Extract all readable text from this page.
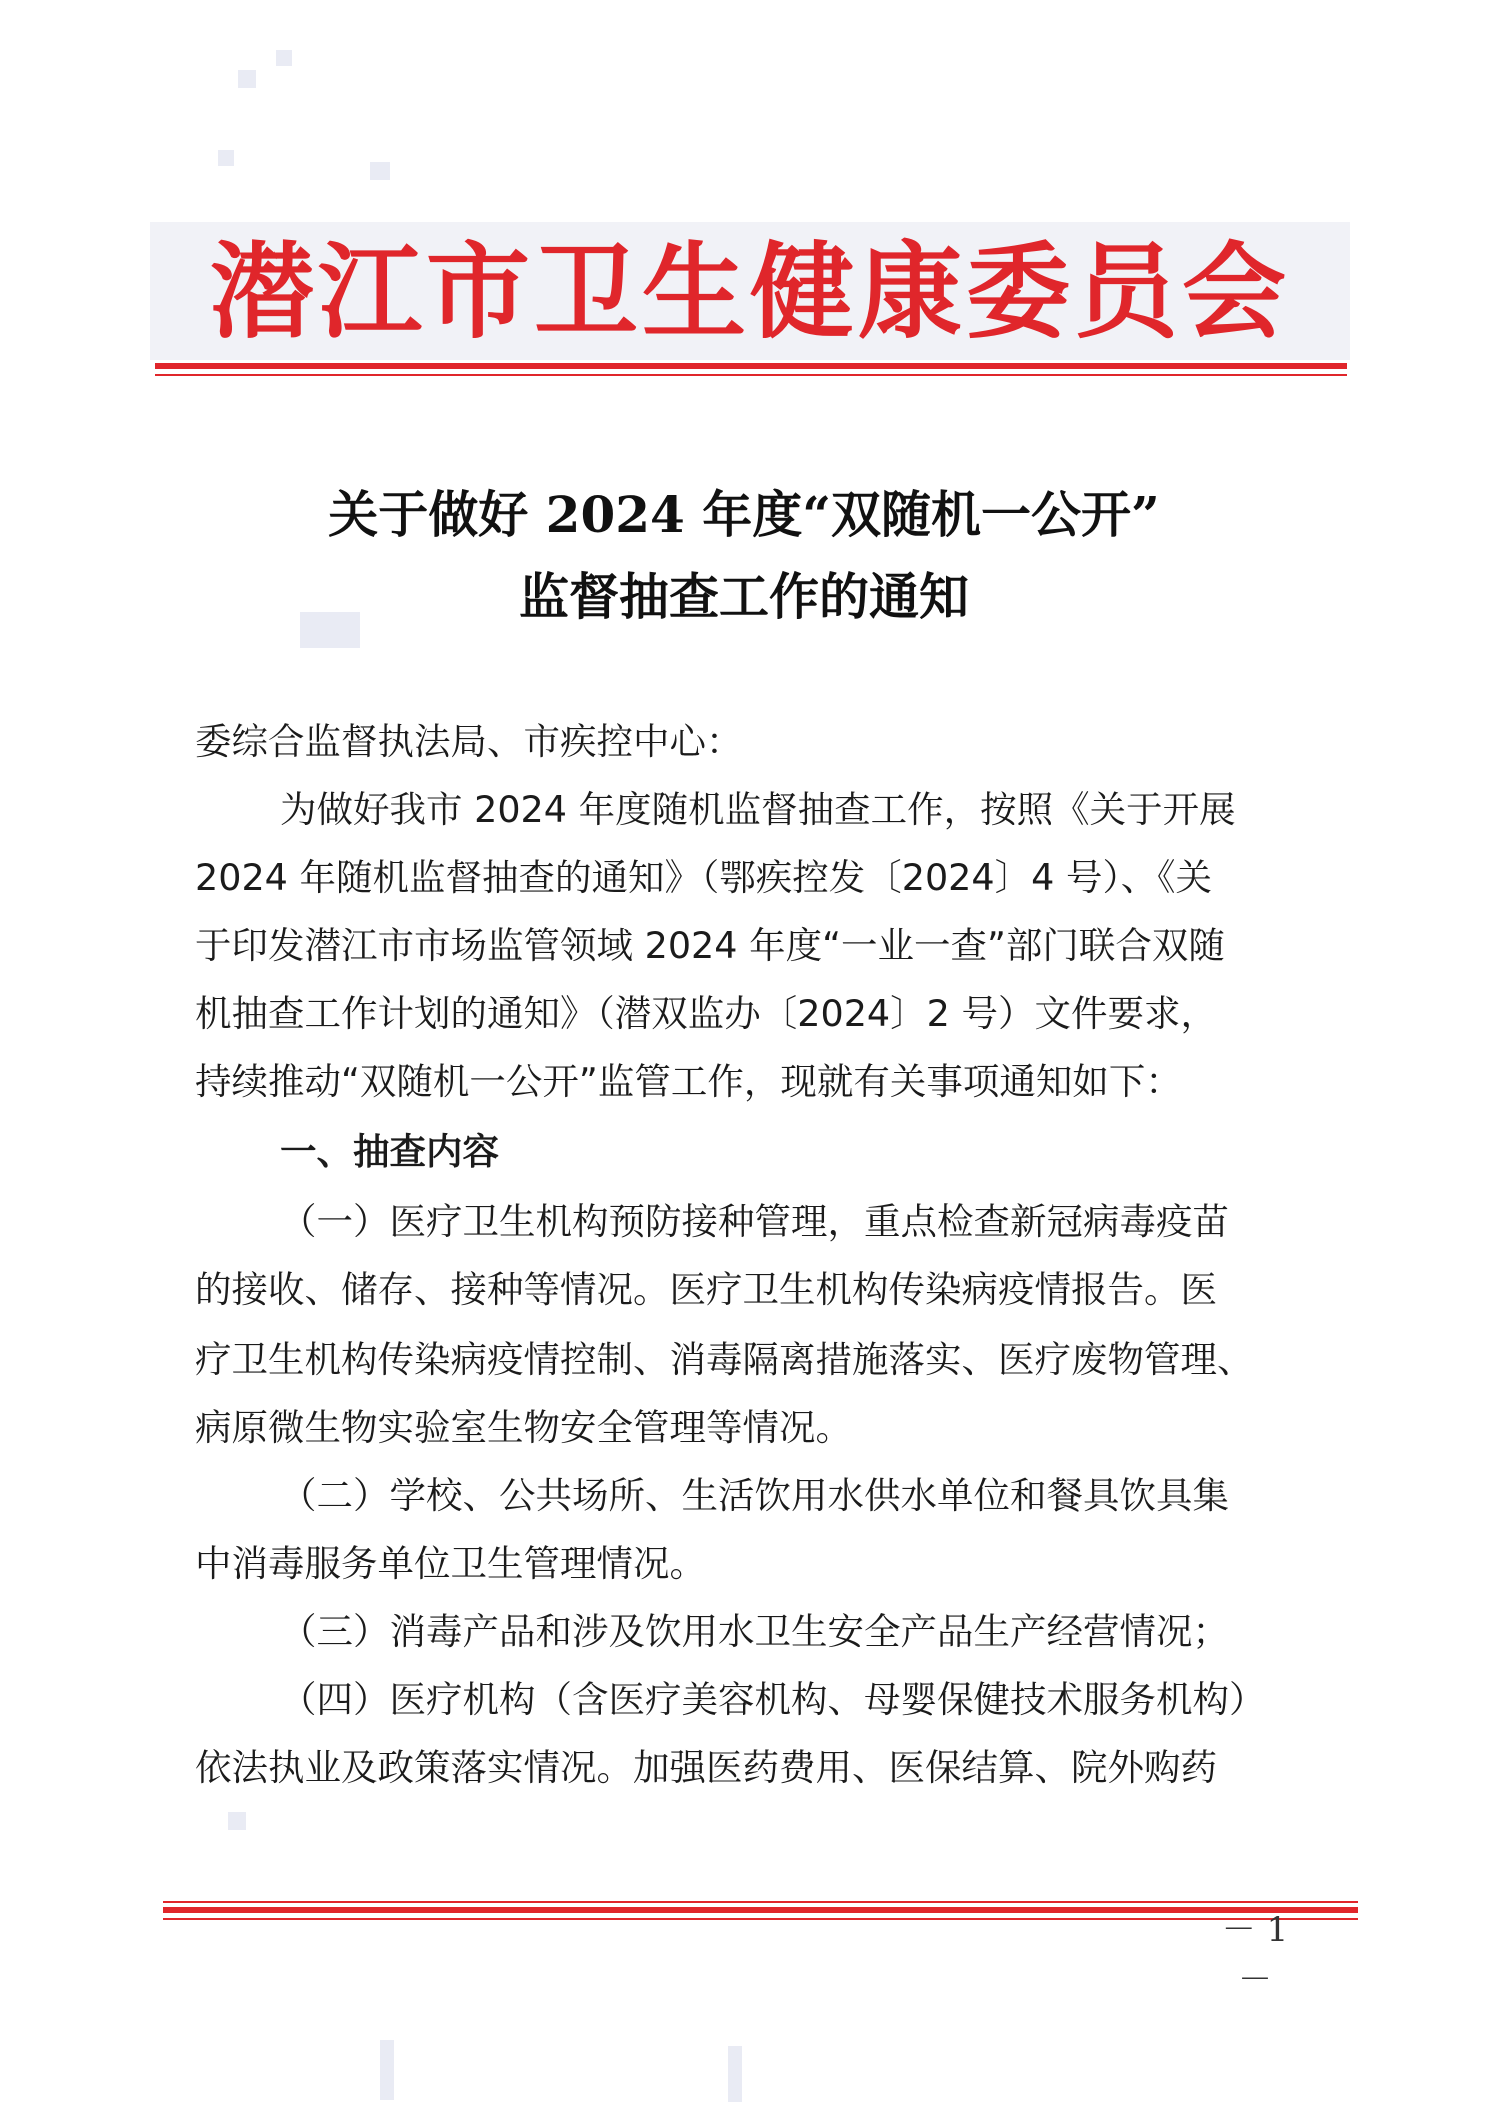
潜江市卫生健康委员会
关于做好 2024 年度“双随机一公开”
监督抽查工作的通知
委综合监督执法局、市疾控中心：
为做好我市 2024 年度随机监督抽查工作，按照《关于开展
2024 年随机监督抽查的通知》（鄂疾控发〔2024〕4 号）、《关
于印发潜江市市场监管领域 2024 年度“一业一查”部门联合双随
机抽查工作计划的通知》（潜双监办〔2024〕2 号）文件要求，
持续推动“双随机一公开”监管工作，现就有关事项通知如下：
一、抽查内容
（一）医疗卫生机构预防接种管理，重点检查新冠病毒疫苗
的接收、储存、接种等情况。医疗卫生机构传染病疫情报告。医
疗卫生机构传染病疫情控制、消毒隔离措施落实、医疗废物管理、
病原微生物实验室生物安全管理等情况。
（二）学校、公共场所、生活饮用水供水单位和餐具饮具集
中消毒服务单位卫生管理情况。
（三）消毒产品和涉及饮用水卫生安全产品生产经营情况；
（四）医疗机构（含医疗美容机构、母婴保健技术服务机构）
依法执业及政策落实情况。加强医药费用、医保结算、院外购药
－ 1 －
